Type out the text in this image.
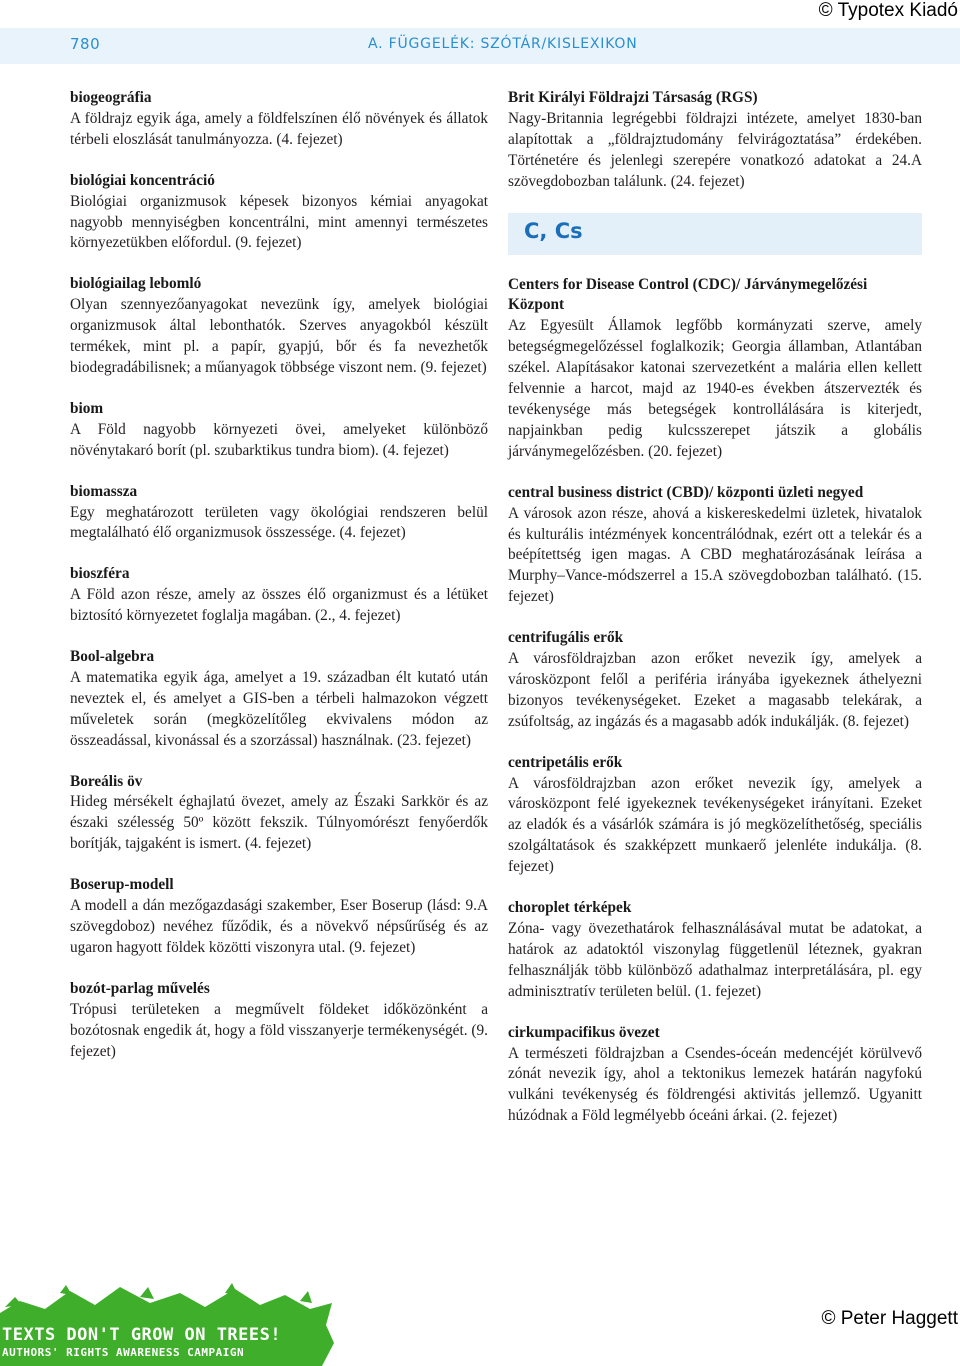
© Typotex Kiadó
780	A. FÜGGELÉK: SZÓTÁR/KISLEXIKON
biogeográfia
A földrajz egyik ága, amely a földfelszínen élő növények és állatok térbeli eloszlását tanulmányozza. (4. fejezet)
biológiai koncentráció
Biológiai organizmusok képesek bizonyos kémiai anyagokat nagyobb mennyiségben koncentrálni, mint amennyi természetes környezetükben előfordul. (9. fejezet)
biológiailag lebomló
Olyan szennyezőanyagokat nevezünk így, amelyek biológiai organizmusok által lebonthatók. Szerves anyagokból készült termékek, mint pl. a papír, gyapjú, bőr és fa nevezhetők biodegradábilisnek; a műanyagok többsége viszont nem. (9. fejezet)
biom
A Föld nagyobb környezeti övei, amelyeket különböző növénytakaró borít (pl. szubarktikus tundra biom). (4. fejezet)
biomassza
Egy meghatározott területen vagy ökológiai rendszeren belül megtalálható élő organizmusok összessége. (4. fejezet)
bioszféra
A Föld azon része, amely az összes élő organizmust és a létüket biztosító környezetet foglalja magában. (2., 4. fejezet)
Bool-algebra
A matematika egyik ága, amelyet a 19. században élt kutató után neveztek el, és amelyet a GIS-ben a térbeli halmazokon végzett műveletek során (megközelítőleg ekvivalens módon az összeadással, kivonással és a szorzással) használnak. (23. fejezet)
Boreális öv
Hideg mérsékelt éghajlatú övezet, amely az Északi Sarkkör és az északi szélesség 50º között fekszik. Túlnyomórészt fenyőerdők borítják, tajgaként is ismert. (4. fejezet)
Boserup-modell
A modell a dán mezőgazdasági szakember, Eser Boserup (lásd: 9.A szövegdoboz) nevéhez fűződik, és a növekvő népsűrűség és az ugaron hagyott földek közötti viszonyra utal. (9. fejezet)
bozót-parlag művelés
Trópusi területeken a megművelt földeket időközönként a bozótosnak engedik át, hogy a föld visszanyerje termékenységét. (9. fejezet)
Brit Királyi Földrajzi Társaság (RGS)
Nagy-Britannia legrégebbi földrajzi intézete, amelyet 1830-ban alapítottak a „földrajztudomány felvirágoztatása” érdekében. Történetére és jelenlegi szerepére vonatkozó adatokat a 24.A szövegdobozban találunk. (24. fejezet)
C, Cs
Centers for Disease Control (CDC)/ Járványmegelőzési Központ
Az Egyesült Államok legfőbb kormányzati szerve, amely betegségmegelőzéssel foglalkozik; Georgia államban, Atlantában székel. Alapításakor katonai szervezetként a malária ellen kellett felvennie a harcot, majd az 1940-es években átszervezték és tevékenysége más betegségek kontrollálására is kiterjedt, napjainkban pedig kulcsszerepet játszik a globális járványmegelőzésben. (20. fejezet)
central business district (CBD)/ központi üzleti negyed
A városok azon része, ahová a kiskereskedelmi üzletek, hivatalok és kulturális intézmények koncentrálódnak, ezért ott a telekár és a beépítettség igen magas. A CBD meghatározásának leírása a Murphy–Vance-módszerrel a 15.A szövegdobozban található. (15. fejezet)
centrifugális erők
A városföldrajzban azon erőket nevezik így, amelyek a városközpont felől a periféria irányába igyekeznek áthelyezni bizonyos tevékenységeket. Ezeket a magasabb telekárak, a zsúfoltság, az ingázás és a magasabb adók indukálják. (8. fejezet)
centripetális erők
A városföldrajzban azon erőket nevezik így, amelyek a városközpont felé igyekeznek tevékenységeket irányítani. Ezeket az eladók és a vásárlók számára is jó megközelíthetőség, speciális szolgáltatások és szakképzett munkaerő jelenléte indukálja. (8. fejezet)
choroplet térképek
Zóna- vagy övezethatárok felhasználásával mutat be adatokat, a határok az adatoktól viszonylag függetlenül léteznek, gyakran felhasználják több különböző adathalmaz interpretálására, pl. egy adminisztratív területen belül. (1. fejezet)
cirkumpacifikus övezet
A természeti földrajzban a Csendes-óceán medencéjét körülvevő zónát nevezik így, ahol a tektonikus lemezek határán nagyfokú vulkáni tevékenység és földrengési aktivitás jellemző. Ugyanitt húzódnak a Föld legmélyebb óceáni árkai. (2. fejezet)
TEXTS DON'T GROW ON TREES!
AUTHORS' RIGHTS AWARENESS CAMPAIGN
© Peter Haggett
